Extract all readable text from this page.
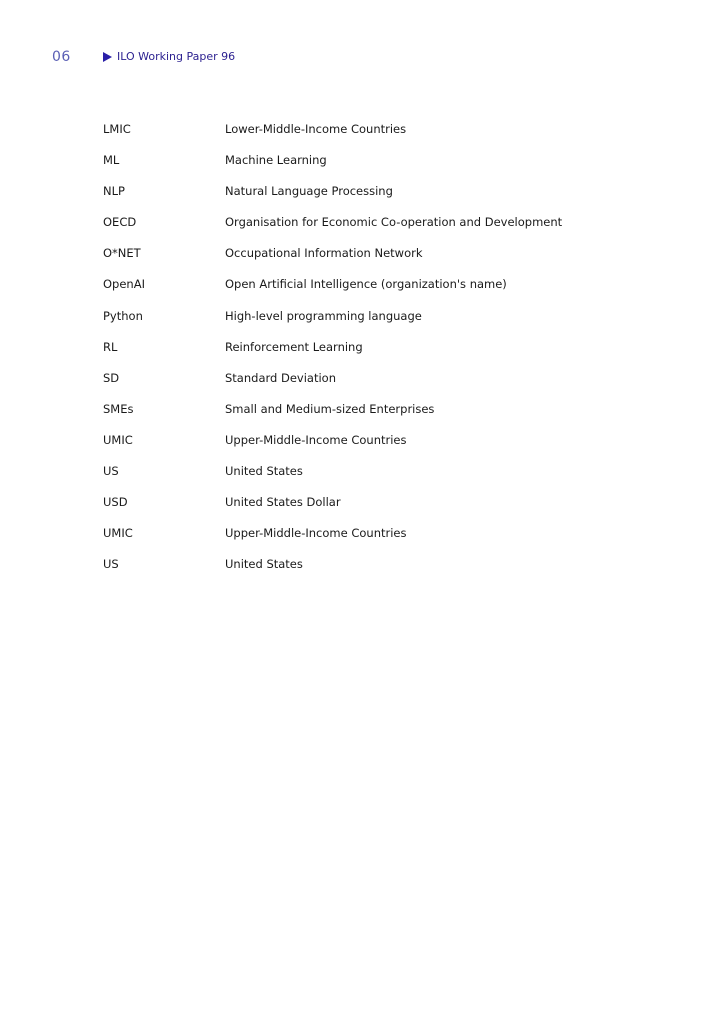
06	ILO Working Paper 96
LMIC	Lower-Middle-Income Countries
ML	Machine Learning
NLP	Natural Language Processing
OECD	Organisation for Economic Co-operation and Development
O*NET	Occupational Information Network
OpenAI	Open Artificial Intelligence (organization's name)
Python	High-level programming language
RL	Reinforcement Learning
SD	Standard Deviation
SMEs	Small and Medium-sized Enterprises
UMIC	Upper-Middle-Income Countries
US	United States
USD	United States Dollar
UMIC	Upper-Middle-Income Countries
US	United States
